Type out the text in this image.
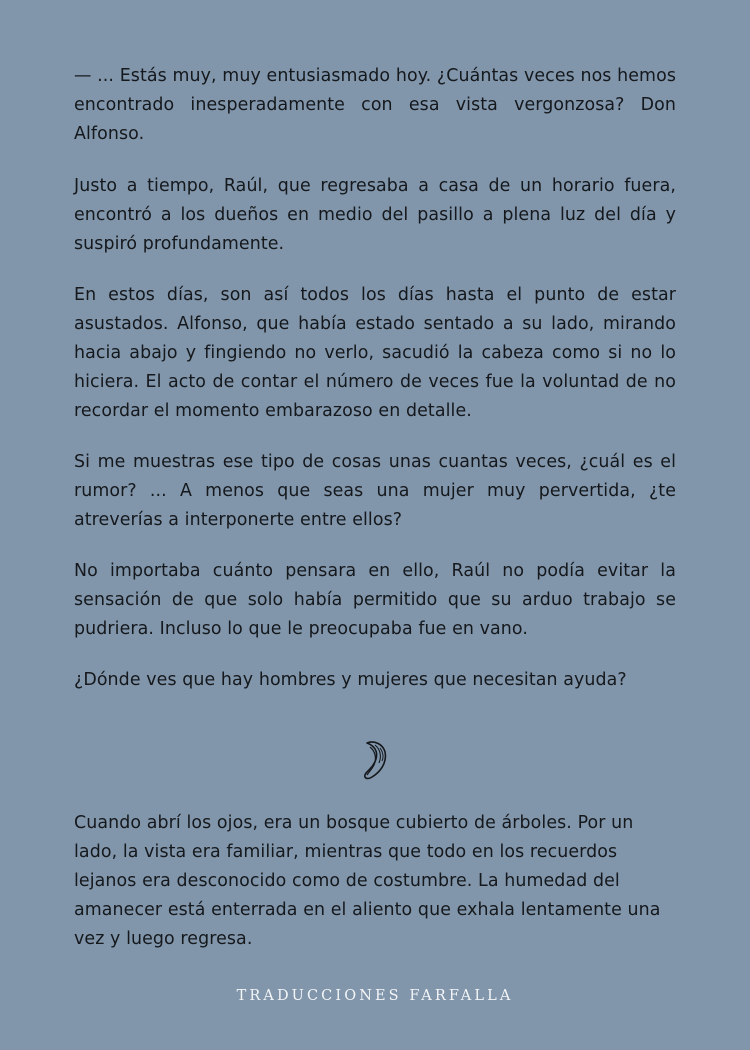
— ... Estás muy, muy entusiasmado hoy. ¿Cuántas veces nos hemos encontrado inesperadamente con esa vista vergonzosa? Don Alfonso.

Justo a tiempo, Raúl, que regresaba a casa de un horario fuera, encontró a los dueños en medio del pasillo a plena luz del día y suspiró profundamente.

En estos días, son así todos los días hasta el punto de estar asustados. Alfonso, que había estado sentado a su lado, mirando hacia abajo y fingiendo no verlo, sacudió la cabeza como si no lo hiciera. El acto de contar el número de veces fue la voluntad de no recordar el momento embarazoso en detalle.

Si me muestras ese tipo de cosas unas cuantas veces, ¿cuál es el rumor? ... A menos que seas una mujer muy pervertida, ¿te atreverías a interponerte entre ellos?

No importaba cuánto pensara en ello, Raúl no podía evitar la sensación de que solo había permitido que su arduo trabajo se pudriera. Incluso lo que le preocupaba fue en vano.

¿Dónde ves que hay hombres y mujeres que necesitan ayuda?

Cuando abrí los ojos, era un bosque cubierto de árboles. Por un lado, la vista era familiar, mientras que todo en los recuerdos lejanos era desconocido como de costumbre. La humedad del amanecer está enterrada en el aliento que exhala lentamente una vez y luego regresa.

TRADUCCIONES FARFALLA
